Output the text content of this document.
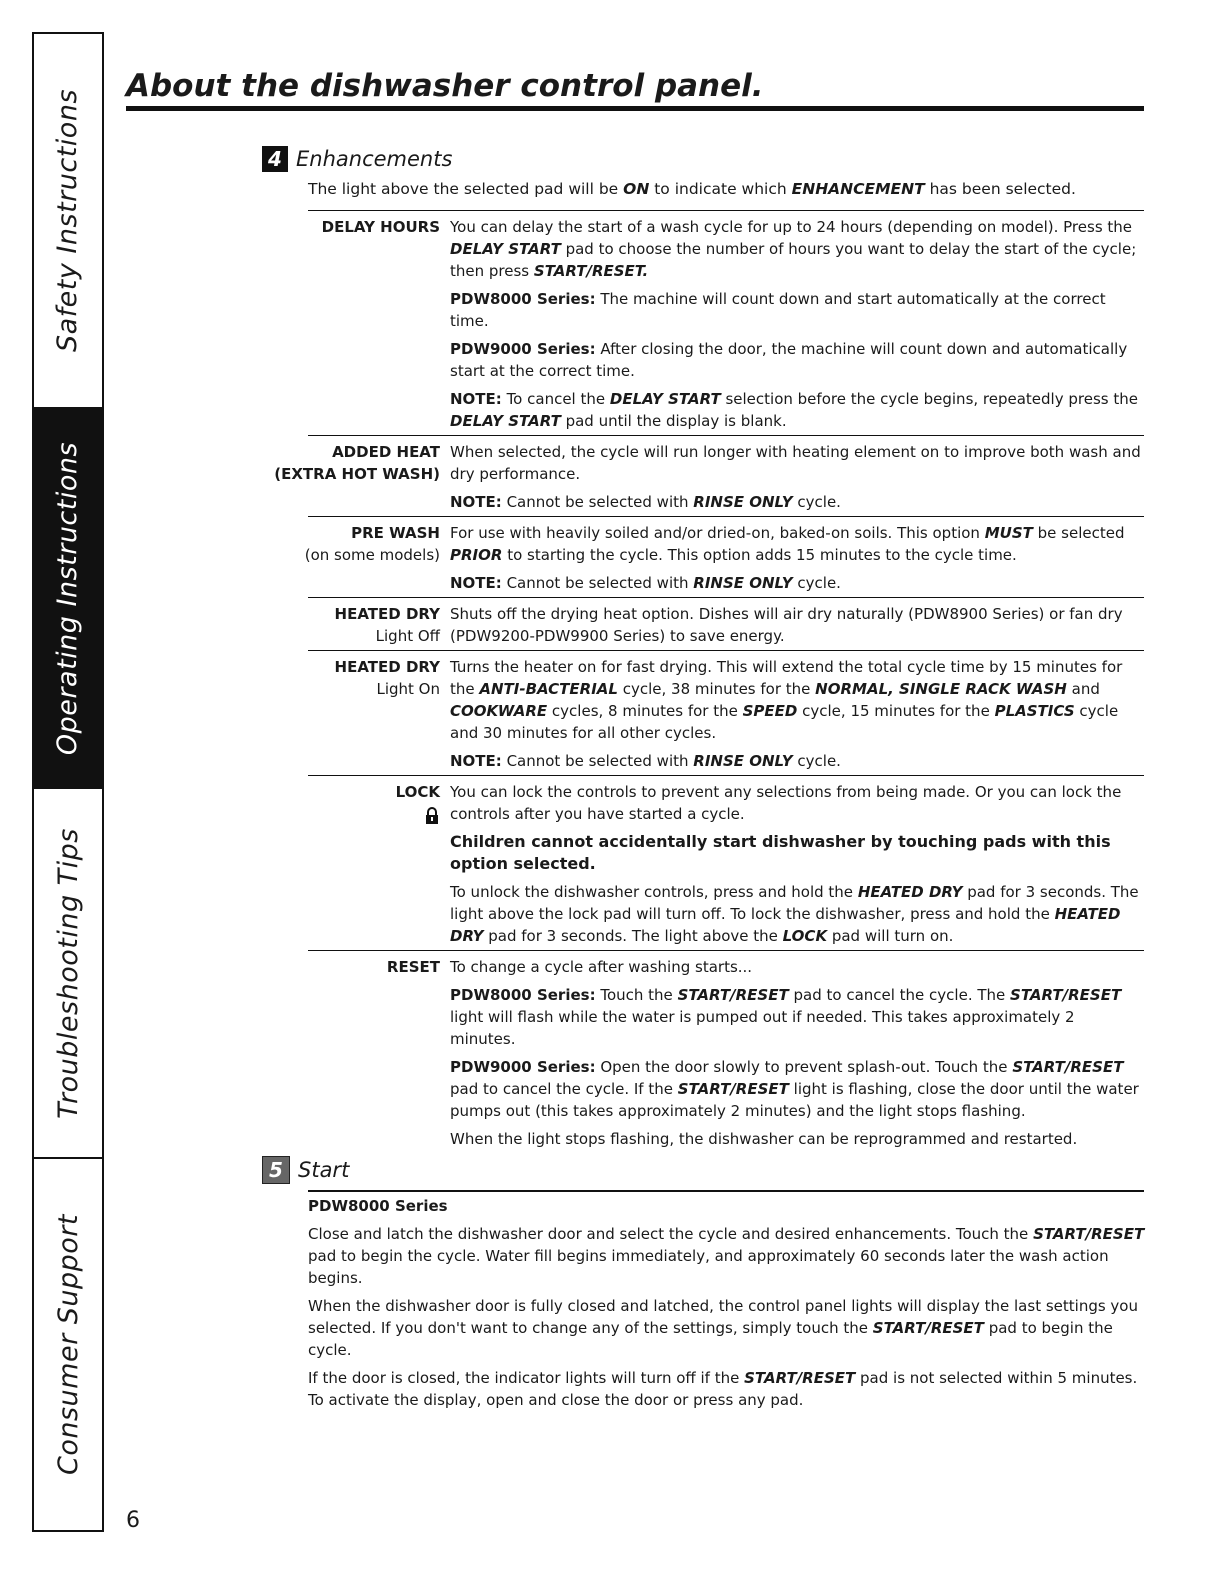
Safety Instructions
Operating Instructions
Troubleshooting Tips
Consumer Support
6
About the dishwasher control panel.
4 Enhancements
The light above the selected pad will be ON to indicate which ENHANCEMENT has been selected.
DELAY HOURS You can delay the start of a wash cycle for up to 24 hours (depending on model). Press the DELAY START pad to choose the number of hours you want to delay the start of the cycle; then press START/RESET.

PDW8000 Series: The machine will count down and start automatically at the correct time.

PDW9000 Series: After closing the door, the machine will count down and automatically start at the correct time.

NOTE: To cancel the DELAY START selection before the cycle begins, repeatedly press the DELAY START pad until the display is blank.

ADDED HEAT
(EXTRA HOT WASH)

When selected, the cycle will run longer with heating element on to improve both wash and dry performance.

NOTE: Cannot be selected with RINSE ONLY cycle.

PRE WASH
(on some models)

For use with heavily soiled and/or dried-on, baked-on soils. This option MUST be selected PRIOR to starting the cycle. This option adds 15 minutes to the cycle time.

NOTE: Cannot be selected with RINSE ONLY cycle.

HEATED DRY
Light Off

Shuts off the drying heat option. Dishes will air dry naturally (PDW8900 Series) or fan dry (PDW9200-PDW9900 Series) to save energy.

HEATED DRY
Light On

Turns the heater on for fast drying. This will extend the total cycle time by 15 minutes for the ANTI-BACTERIAL cycle, 38 minutes for the NORMAL, SINGLE RACK WASH and COOKWARE cycles, 8 minutes for the SPEED cycle, 15 minutes for the PLASTICS cycle and 30 minutes for all other cycles.

NOTE: Cannot be selected with RINSE ONLY cycle.

LOCK You can lock the controls to prevent any selections from being made. Or you can lock the controls after you have started a cycle.

Children cannot accidentally start dishwasher by touching pads with this option selected.

To unlock the dishwasher controls, press and hold the HEATED DRY pad for 3 seconds. The light above the lock pad will turn off. To lock the dishwasher, press and hold the HEATED DRY pad for 3 seconds. The light above the LOCK pad will turn on.

RESET To change a cycle after washing starts...

PDW8000 Series: Touch the START/RESET pad to cancel the cycle. The START/RESET light will flash while the water is pumped out if needed. This takes approximately 2 minutes.

PDW9000 Series: Open the door slowly to prevent splash-out. Touch the START/RESET pad to cancel the cycle. If the START/RESET light is flashing, close the door until the water pumps out (this takes approximately 2 minutes) and the light stops flashing.

When the light stops flashing, the dishwasher can be reprogrammed and restarted.

5 Start

PDW8000 Series

Close and latch the dishwasher door and select the cycle and desired enhancements. Touch the START/RESET pad to begin the cycle. Water fill begins immediately, and approximately 60 seconds later the wash action begins.

When the dishwasher door is fully closed and latched, the control panel lights will display the last settings you selected. If you don't want to change any of the settings, simply touch the START/RESET pad to begin the cycle.

If the door is closed, the indicator lights will turn off if the START/RESET pad is not selected within 5 minutes. To activate the display, open and close the door or press any pad.
